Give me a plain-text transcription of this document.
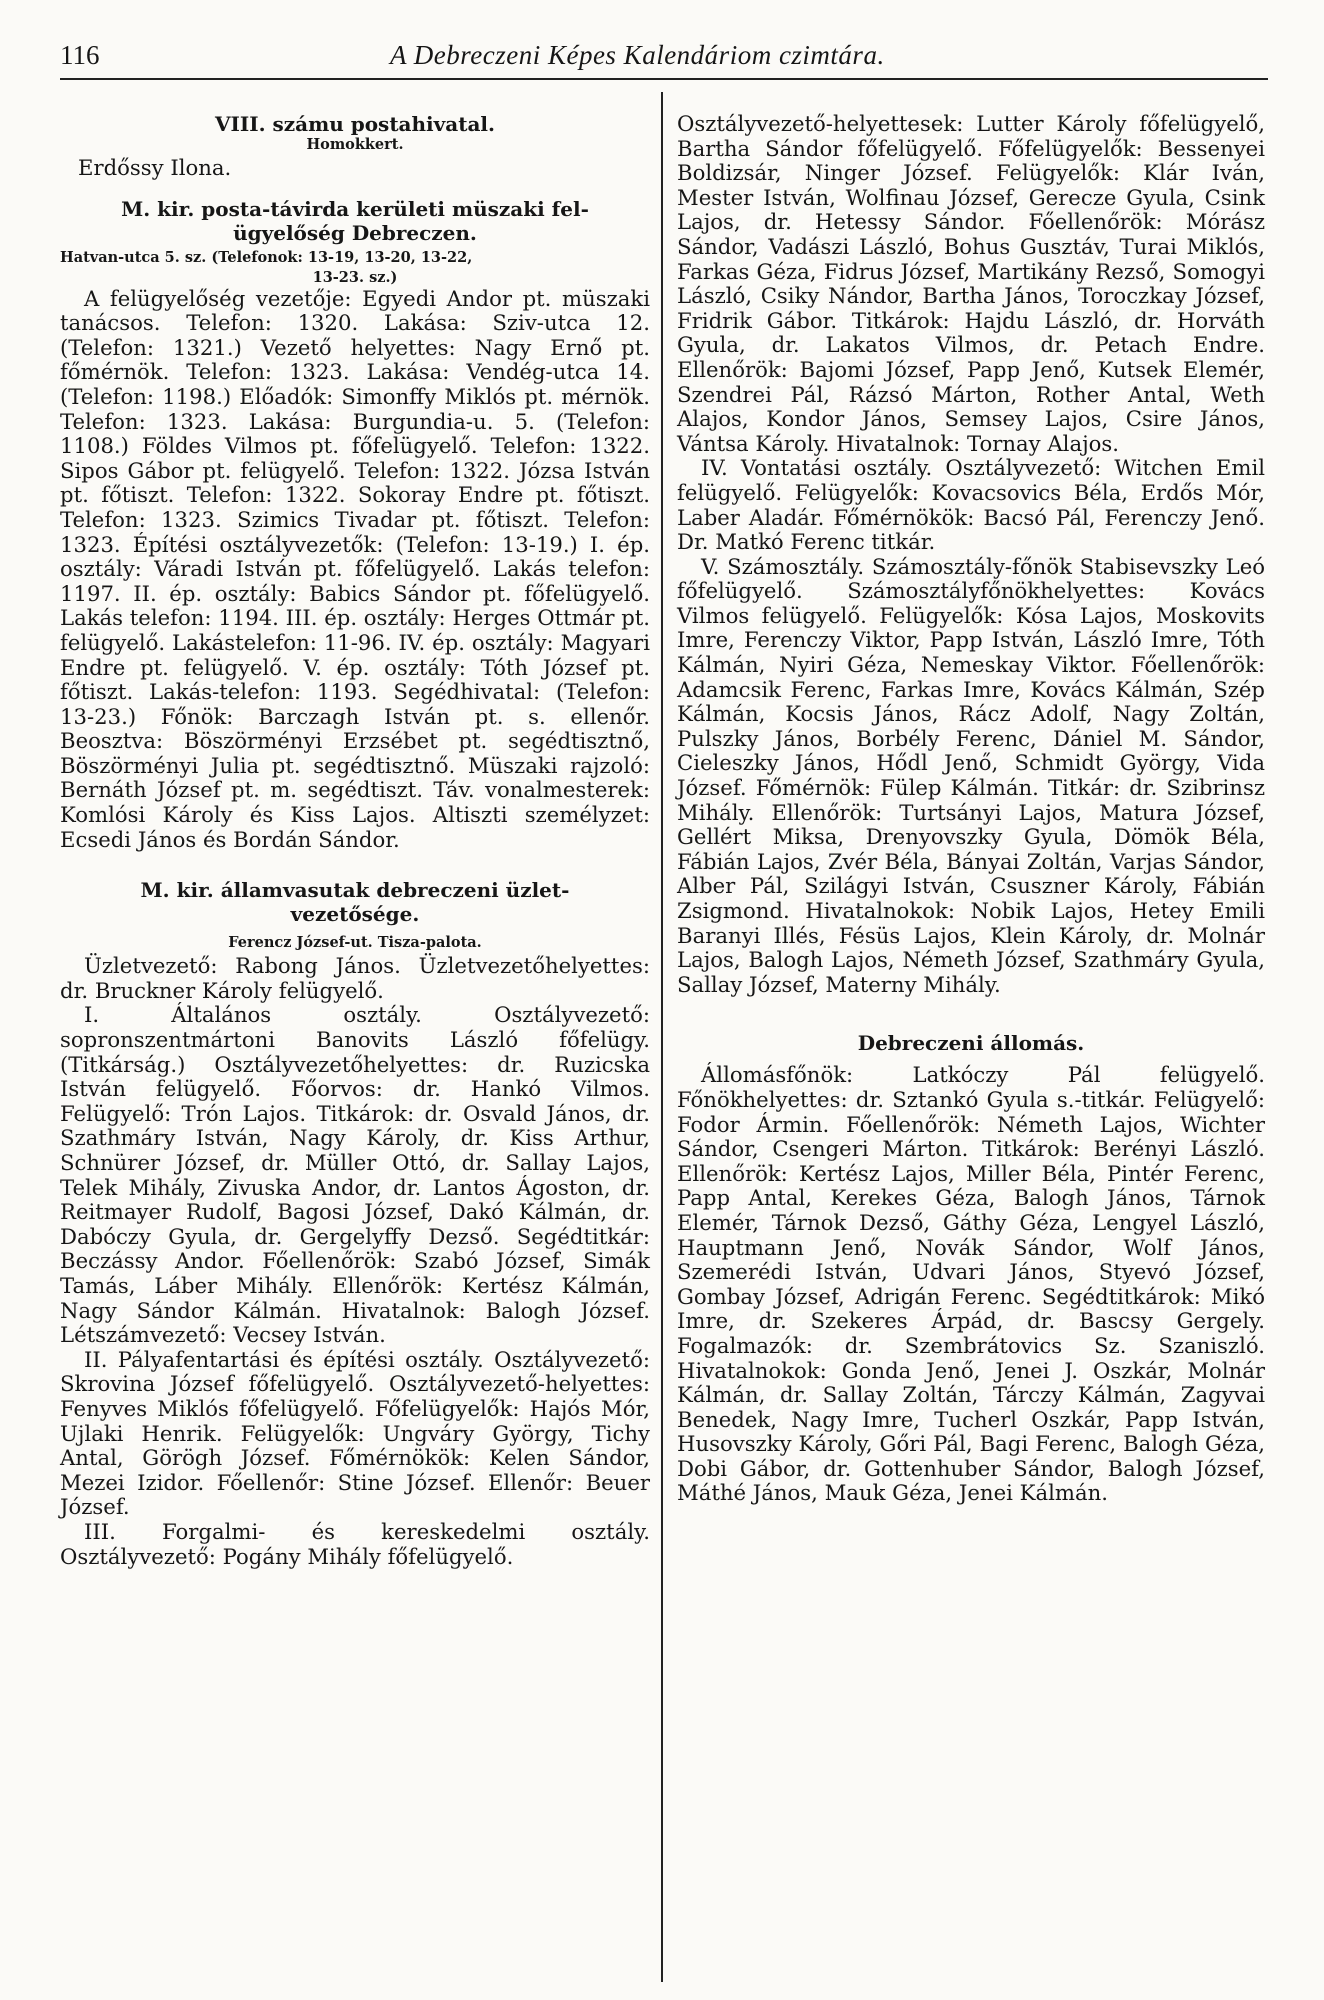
116	A Debreczeni Képes Kalendáriom czimtára.

VIII. számu postahivatal.

Homokkert.

Erdőssy Ilona.

M. kir. posta-távirda kerületi müszaki fel-

ügyelőség Debreczen.

Hatvan-utca 5. sz. (Telefonok: 13-19, 13-20, 13-22,

13-23. sz.)

A felügyelőség vezetője: Egyedi Andor pt. müszaki tanácsos. Telefon: 1320. Lakása: Sziv-utca 12. (Telefon: 1321.) Vezető helyettes: Nagy Ernő pt. főmérnök. Telefon: 1323. Lakása: Vendég-utca 14. (Telefon: 1198.) Előadók: Simonffy Miklós pt. mérnök. Telefon: 1323. Lakása: Burgundia-u. 5. (Telefon: 1108.) Földes Vilmos pt. főfelügyelő. Telefon: 1322. Sipos Gábor pt. felügyelő. Telefon: 1322. Józsa István pt. főtiszt. Telefon: 1322. Sokoray Endre pt. főtiszt. Telefon: 1323. Szimics Tivadar pt. főtiszt. Telefon: 1323. Építési osztályvezetők: (Telefon: 13-19.) I. ép. osztály: Váradi István pt. főfelügyelő. Lakás telefon: 1197. II. ép. osztály: Babics Sándor pt. főfelügyelő. Lakás telefon: 1194. III. ép. osztály: Herges Ottmár pt. felügyelő. Lakástelefon: 11-96. IV. ép. osztály: Magyari Endre pt. felügyelő. V. ép. osztály: Tóth József pt. főtiszt. Lakás-telefon: 1193. Segédhivatal: (Telefon: 13-23.) Főnök: Barczagh István pt. s. ellenőr. Beosztva: Böszörményi Erzsébet pt. segédtisztnő, Böszörményi Julia pt. segédtisztnő. Müszaki rajzoló: Bernáth József pt. m. segédtiszt. Táv. vonalmesterek: Komlósi Károly és Kiss Lajos. Altiszti személyzet: Ecsedi János és Bordán Sándor.

M. kir. államvasutak debreczeni üzlet-

vezetősége.

Ferencz József-ut. Tisza-palota.

Üzletvezető: Rabong János. Üzletvezetőhelyettes: dr. Bruckner Károly felügyelő.

I. Általános osztály. Osztályvezető: sopronszentmártoni Banovits László főfelügy. (Titkárság.) Osztályvezetőhelyettes: dr. Ruzicska István felügyelő. Főorvos: dr. Hankó Vilmos. Felügyelő: Trón Lajos. Titkárok: dr. Osvald János, dr. Szathmáry István, Nagy Károly, dr. Kiss Arthur, Schnürer József, dr. Müller Ottó, dr. Sallay Lajos, Telek Mihály, Zivuska Andor, dr. Lantos Ágoston, dr. Reitmayer Rudolf, Bagosi József, Dakó Kálmán, dr. Dabóczy Gyula, dr. Gergelyffy Dezső. Segédtitkár: Beczássy Andor. Főellenőrök: Szabó József, Simák Tamás, Láber Mihály. Ellenőrök: Kertész Kálmán, Nagy Sándor Kálmán. Hivatalnok: Balogh József. Létszámvezető: Vecsey István.

II. Pályafentartási és építési osztály. Osztályvezető: Skrovina József főfelügyelő. Osztályvezető-helyettes: Fenyves Miklós főfelügyelő. Főfelügyelők: Hajós Mór, Ujlaki Henrik. Felügyelők: Ungváry György, Tichy Antal, Görögh József. Főmérnökök: Kelen Sándor, Mezei Izidor. Főellenőr: Stine József. Ellenőr: Beuer József.

III. Forgalmi- és kereskedelmi osztály. Osztályvezető: Pogány Mihály főfelügyelő.

Osztályvezető-helyettesek: Lutter Károly főfelügyelő, Bartha Sándor főfelügyelő. Főfelügyelők: Bessenyei Boldizsár, Ninger József. Felügyelők: Klár Iván, Mester István, Wolfinau József, Gerecze Gyula, Csink Lajos, dr. Hetessy Sándor. Főellenőrök: Mórász Sándor, Vadászi László, Bohus Gusztáv, Turai Miklós, Farkas Géza, Fidrus József, Martikány Rezső, Somogyi László, Csiky Nándor, Bartha János, Toroczkay József, Fridrik Gábor. Titkárok: Hajdu László, dr. Horváth Gyula, dr. Lakatos Vilmos, dr. Petach Endre. Ellenőrök: Bajomi József, Papp Jenő, Kutsek Elemér, Szendrei Pál, Rázsó Márton, Rother Antal, Weth Alajos, Kondor János, Semsey Lajos, Csire János, Vántsa Károly. Hivatalnok: Tornay Alajos.

IV. Vontatási osztály. Osztályvezető: Witchen Emil felügyelő. Felügyelők: Kovacsovics Béla, Erdős Mór, Laber Aladár. Főmérnökök: Bacsó Pál, Ferenczy Jenő. Dr. Matkó Ferenc titkár.

V. Számosztály. Számosztály-főnök Stabisevszky Leó főfelügyelő. Számosztályfőnökhelyettes: Kovács Vilmos felügyelő. Felügyelők: Kósa Lajos, Moskovits Imre, Ferenczy Viktor, Papp István, László Imre, Tóth Kálmán, Nyiri Géza, Nemeskay Viktor. Főellenőrök: Adamcsik Ferenc, Farkas Imre, Kovács Kálmán, Szép Kálmán, Kocsis János, Rácz Adolf, Nagy Zoltán, Pulszky János, Borbély Ferenc, Dániel M. Sándor, Cieleszky János, Hődl Jenő, Schmidt György, Vida József. Főmérnök: Fülep Kálmán. Titkár: dr. Szibrinsz Mihály. Ellenőrök: Turtsányi Lajos, Matura József, Gellért Miksa, Drenyovszky Gyula, Dömök Béla, Fábián Lajos, Zvér Béla, Bányai Zoltán, Varjas Sándor, Alber Pál, Szilágyi István, Csuszner Károly, Fábián Zsigmond. Hivatalnokok: Nobik Lajos, Hetey Emili Baranyi Illés, Fésüs Lajos, Klein Károly, dr. Molnár Lajos, Balogh Lajos, Németh József, Szathmáry Gyula, Sallay József, Materny Mihály.

Debreczeni állomás.

Állomásfőnök: Latkóczy Pál felügyelő. Főnökhelyettes: dr. Sztankó Gyula s.-titkár. Felügyelő: Fodor Ármin. Főellenőrök: Németh Lajos, Wichter Sándor, Csengeri Márton. Titkárok: Berényi László. Ellenőrök: Kertész Lajos, Miller Béla, Pintér Ferenc, Papp Antal, Kerekes Géza, Balogh János, Tárnok Elemér, Tárnok Dezső, Gáthy Géza, Lengyel László, Hauptmann Jenő, Novák Sándor, Wolf János, Szemerédi István, Udvari János, Styevó József, Gombay József, Adrigán Ferenc. Segédtitkárok: Mikó Imre, dr. Szekeres Árpád, dr. Bascsy Gergely. Fogalmazók: dr. Szembrátovics Sz. Szaniszló. Hivatalnokok: Gonda Jenő, Jenei J. Oszkár, Molnár Kálmán, dr. Sallay Zoltán, Tárczy Kálmán, Zagyvai Benedek, Nagy Imre, Tucherl Oszkár, Papp István, Husovszky Károly, Gőri Pál, Bagi Ferenc, Balogh Géza, Dobi Gábor, dr. Gottenhuber Sándor, Balogh József, Máthé János, Mauk Géza, Jenei Kálmán.
